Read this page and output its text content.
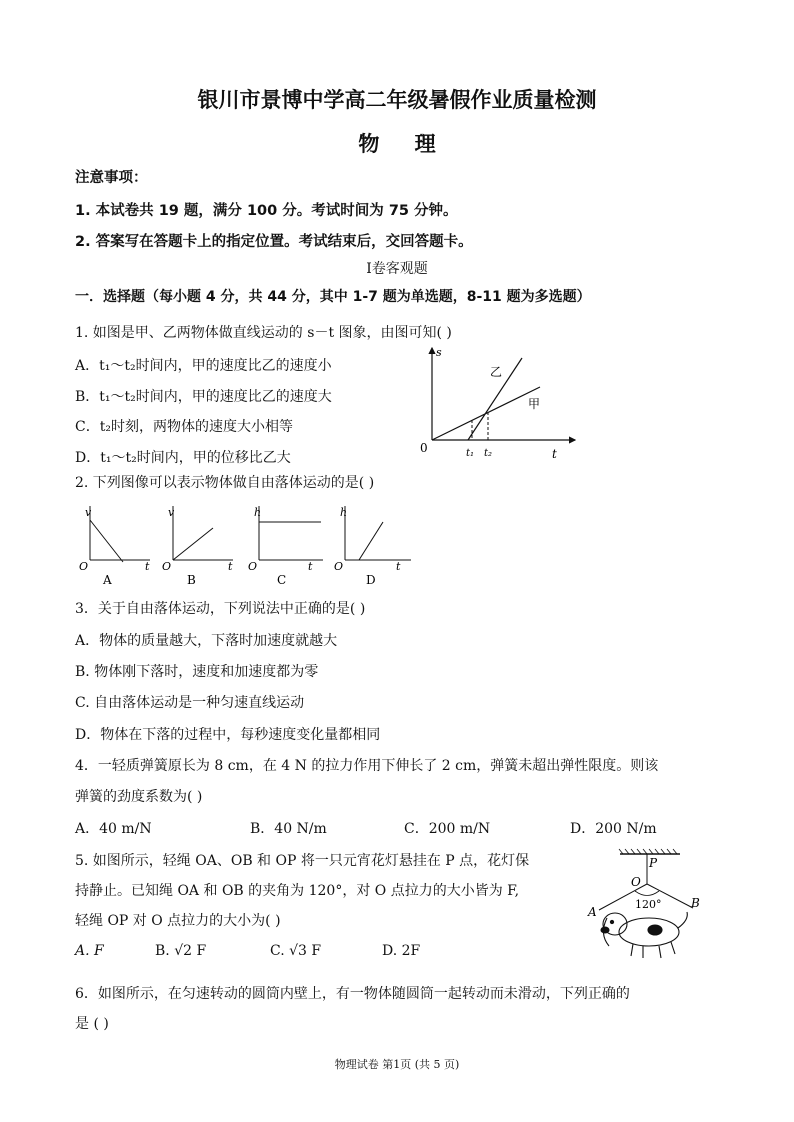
银川市景博中学高二年级暑假作业质量检测
物 理
注意事项：
1. 本试卷共 19 题，满分 100 分。考试时间为 75 分钟。
2. 答案写在答题卡上的指定位置。考试结束后，交回答题卡。
Ⅰ卷客观题
一．选择题（每小题 4 分，共 44 分，其中 1-7 题为单选题，8-11 题为多选题）
1. 如图是甲、乙两物体做直线运动的 s－t 图象，由图可知( )
A．t₁～t₂时间内，甲的速度比乙的速度小
B．t₁～t₂时间内，甲的速度比乙的速度大
C．t₂时刻，两物体的速度大小相等
D．t₁～t₂时间内，甲的位移比乙大
s
t
0
乙
甲
t₁ t₂
2. 下列图像可以表示物体做自由落体运动的是( )
v
t
O
A
v
t
O
B
h
t
O
C
h
t
O
D
3．关于自由落体运动，下列说法中正确的是( )
A．物体的质量越大，下落时加速度就越大
B. 物体刚下落时，速度和加速度都为零
C. 自由落体运动是一种匀速直线运动
D．物体在下落的过程中，每秒速度变化量都相同
4．一轻质弹簧原长为 8 cm，在 4 N 的拉力作用下伸长了 2 cm，弹簧未超出弹性限度。则该
弹簧的劲度系数为( )
A．40 m/N	B．40 N/m	C．200 m/N	D．200 N/m
5. 如图所示，轻绳 OA、OB 和 OP 将一只元宵花灯悬挂在 P 点，花灯保
持静止。已知绳 OA 和 OB 的夹角为 120°，对 O 点拉力的大小皆为 F,
轻绳 OP 对 O 点拉力的大小为( )
A. F	B. √2 F	C. √3 F	D. 2F
P
O
A
B
120°
6．如图所示，在匀速转动的圆筒内壁上，有一物体随圆筒一起转动而未滑动，下列正确的
是 ( )
物理试卷 第1页 (共 5 页)
